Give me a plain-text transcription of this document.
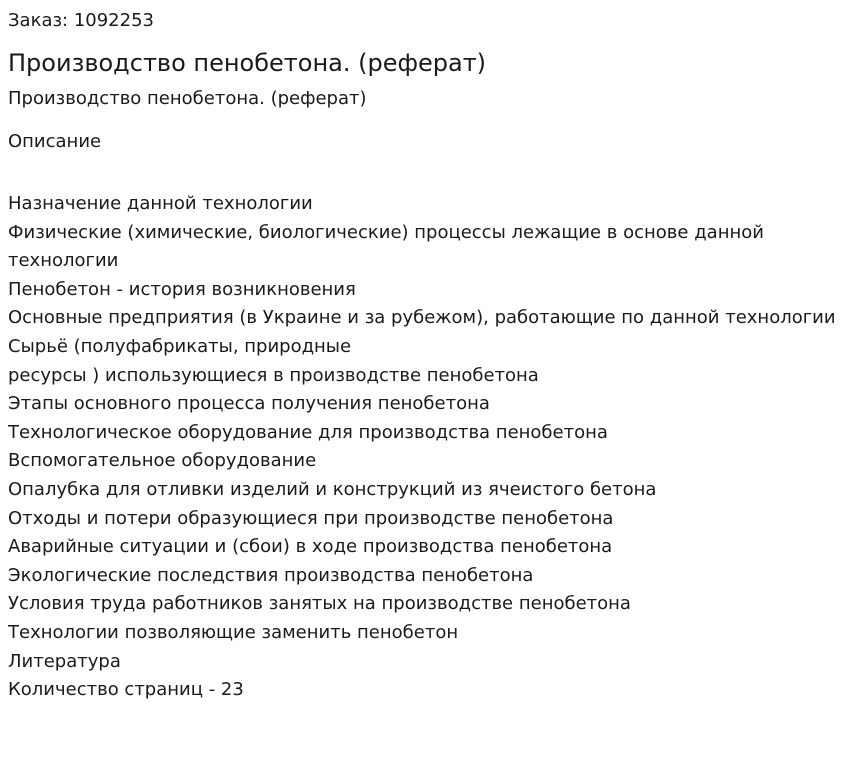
Заказ: 1092253
Производство пенобетона. (реферат)
Производство пенобетона. (реферат)
Описание
Назначение данной технологии
Физические (химические, биологические) процессы лежащие в основе данной технологии
Пенобетон - история возникновения
Основные предприятия (в Украине и за рубежом), работающие по данной технологии
Сырьё (полуфабрикаты, природные
ресурсы ) использующиеся в производстве пенобетона
Этапы основного процесса получения пенобетона
Технологическое оборудование для производства пенобетона
Вспомогательное оборудование
Опалубка для отливки изделий и конструкций из ячеистого бетона
Отходы и потери образующиеся при производстве пенобетона
Аварийные ситуации и (сбои) в ходе производства пенобетона
Экологические последствия производства пенобетона
Условия труда работников занятых на производстве пенобетона
Технологии позволяющие заменить пенобетон
Литература
Количество страниц - 23
